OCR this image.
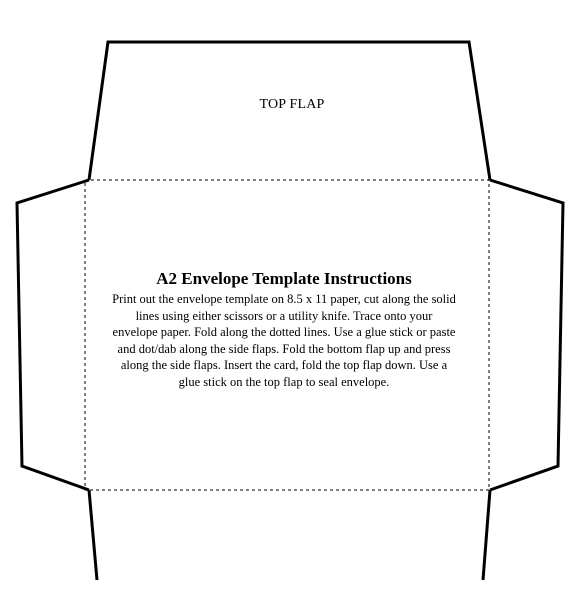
TOP FLAP

A2 Envelope Template Instructions

Print out the envelope template on 8.5 x 11 paper, cut along the solid lines using either scissors or a utility knife. Trace onto your envelope paper. Fold along the dotted lines. Use a glue stick or paste and dot/dab along the side flaps. Fold the bottom flap up and press along the side flaps. Insert the card, fold the top flap down. Use a glue stick on the top flap to seal envelope.
